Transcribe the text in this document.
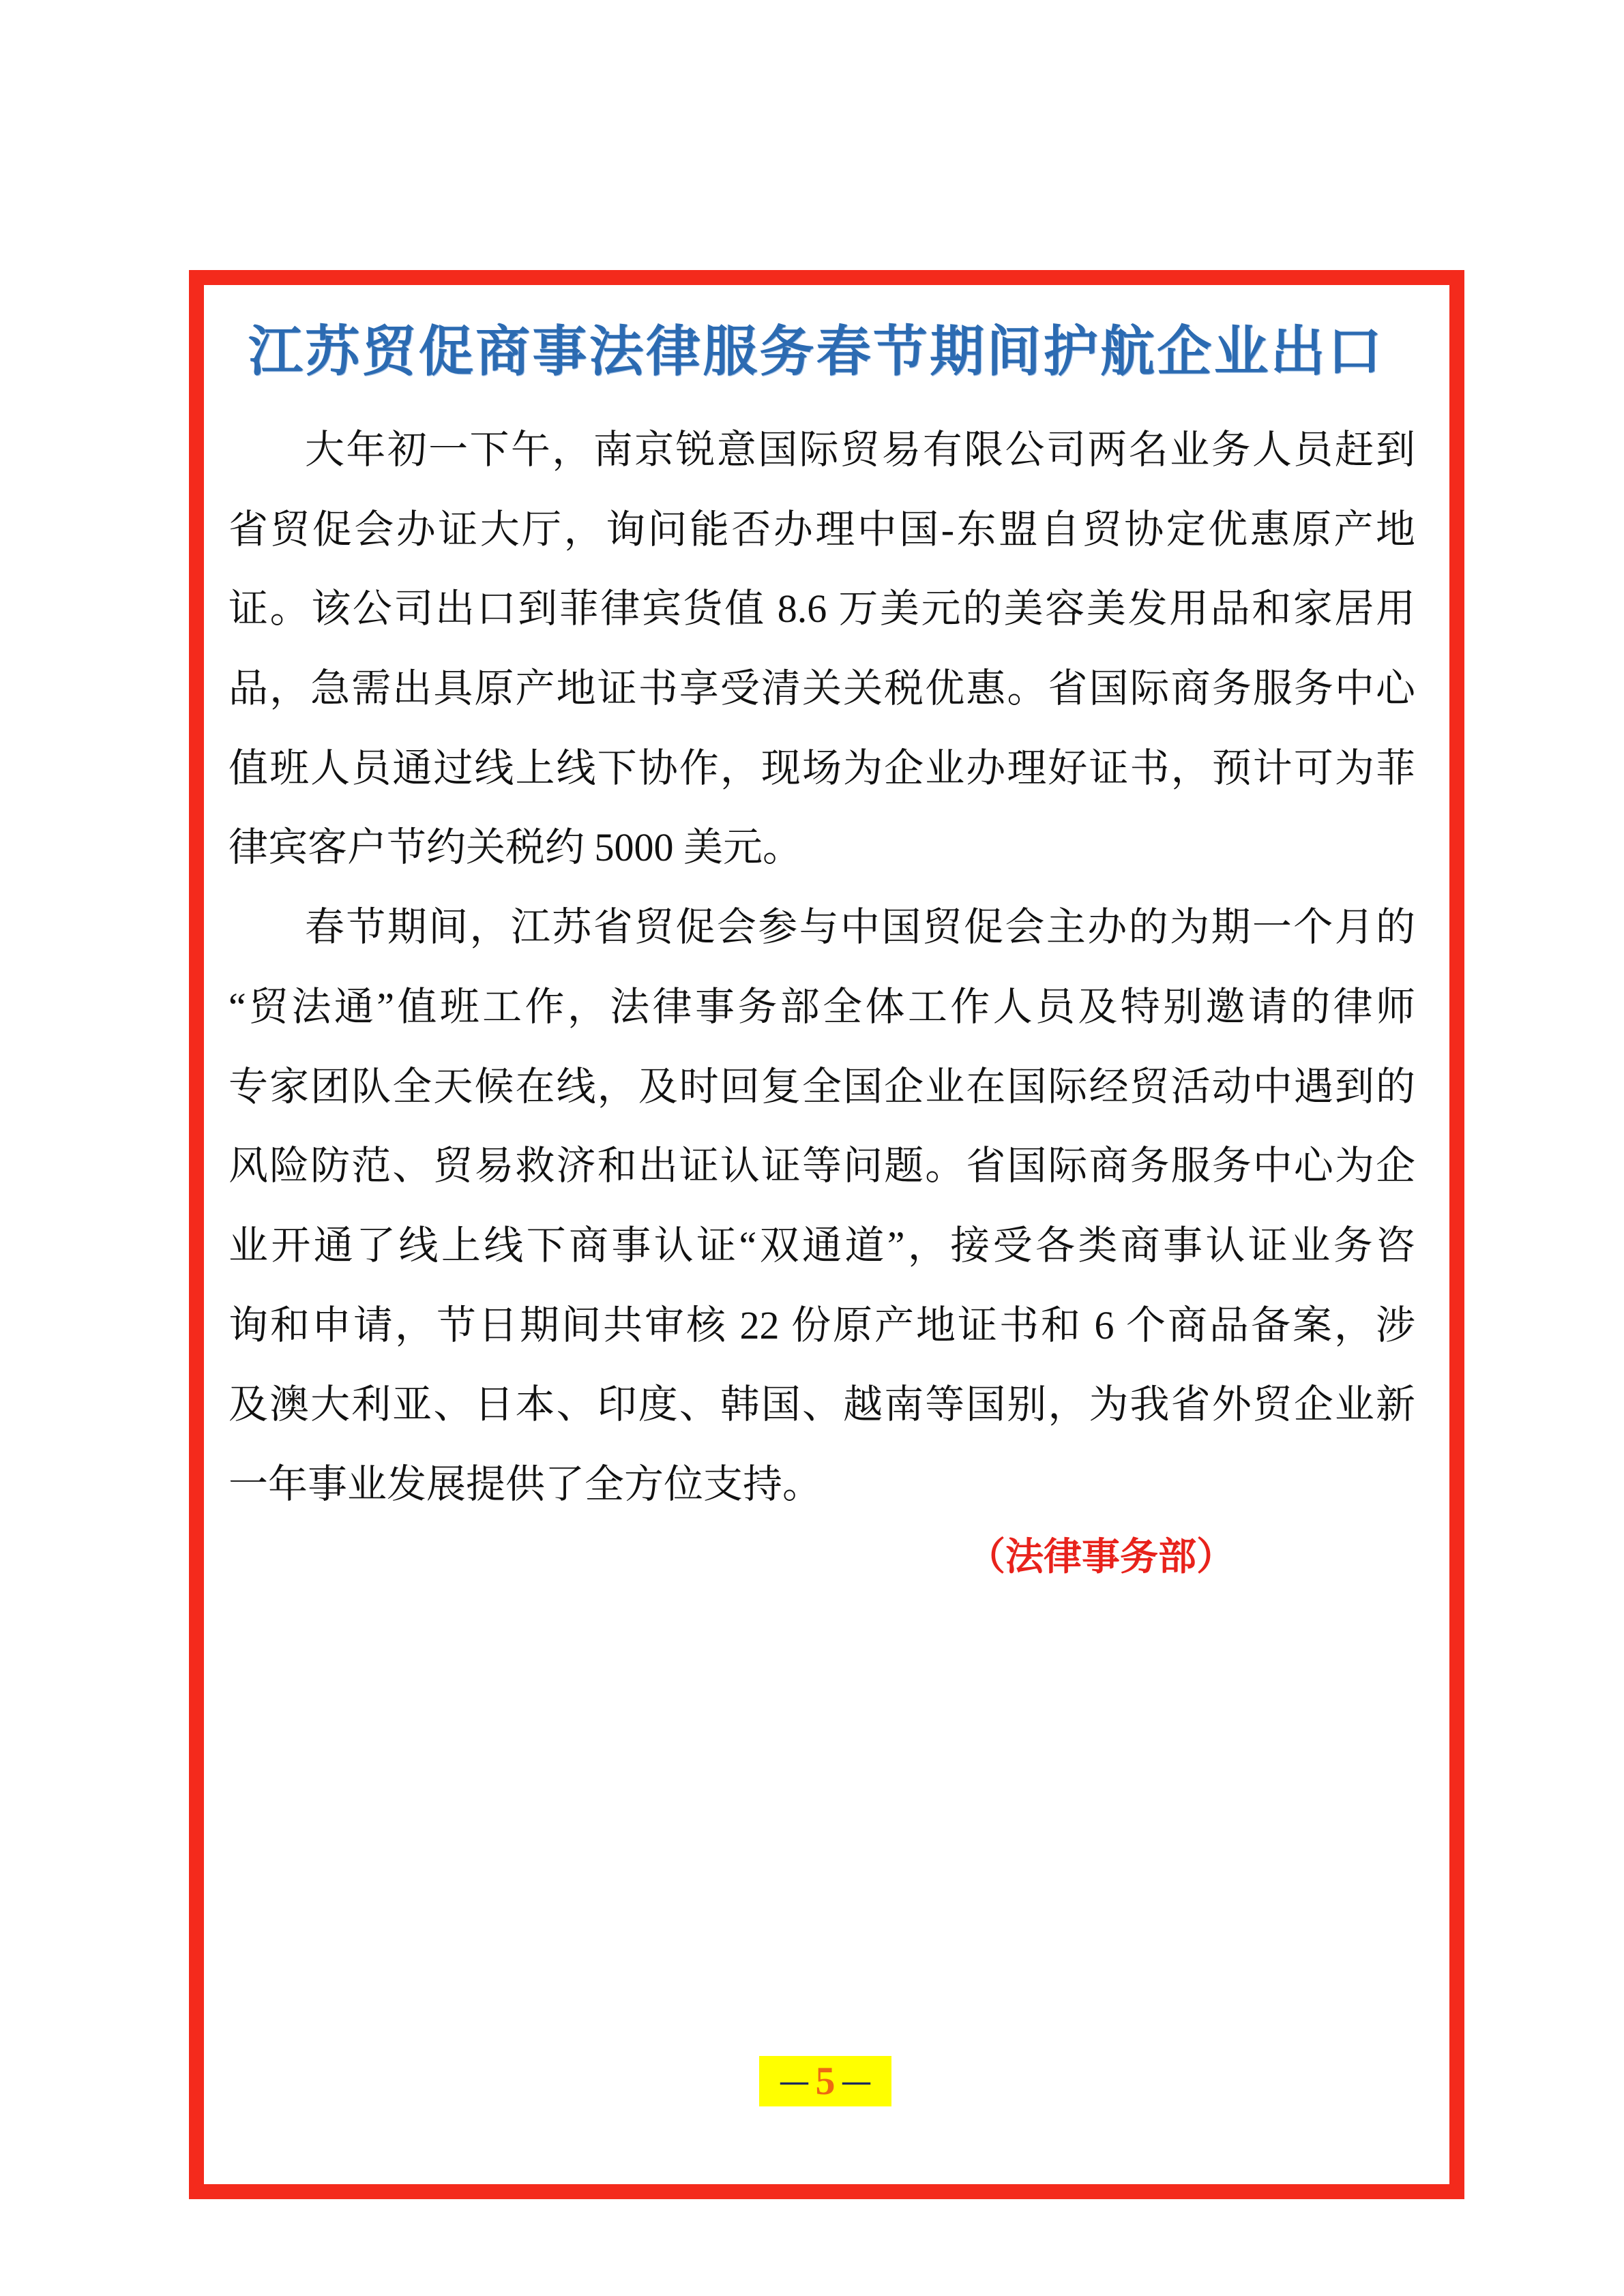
江苏贸促商事法律服务春节期间护航企业出口
大年初一下午，南京锐意国际贸易有限公司两名业务人员赶到
省贸促会办证大厅，询问能否办理中国-东盟自贸协定优惠原产地
证。该公司出口到菲律宾货值 8.6 万美元的美容美发用品和家居用
品，急需出具原产地证书享受清关关税优惠。省国际商务服务中心
值班人员通过线上线下协作，现场为企业办理好证书，预计可为菲
律宾客户节约关税约 5000 美元。
春节期间，江苏省贸促会参与中国贸促会主办的为期一个月的
“贸法通”值班工作，法律事务部全体工作人员及特别邀请的律师
专家团队全天候在线，及时回复全国企业在国际经贸活动中遇到的
风险防范、贸易救济和出证认证等问题。省国际商务服务中心为企
业开通了线上线下商事认证“双通道”，接受各类商事认证业务咨
询和申请，节日期间共审核 22 份原产地证书和 6 个商品备案，涉
及澳大利亚、日本、印度、韩国、越南等国别，为我省外贸企业新
一年事业发展提供了全方位支持。
（法律事务部）
— 5 —
